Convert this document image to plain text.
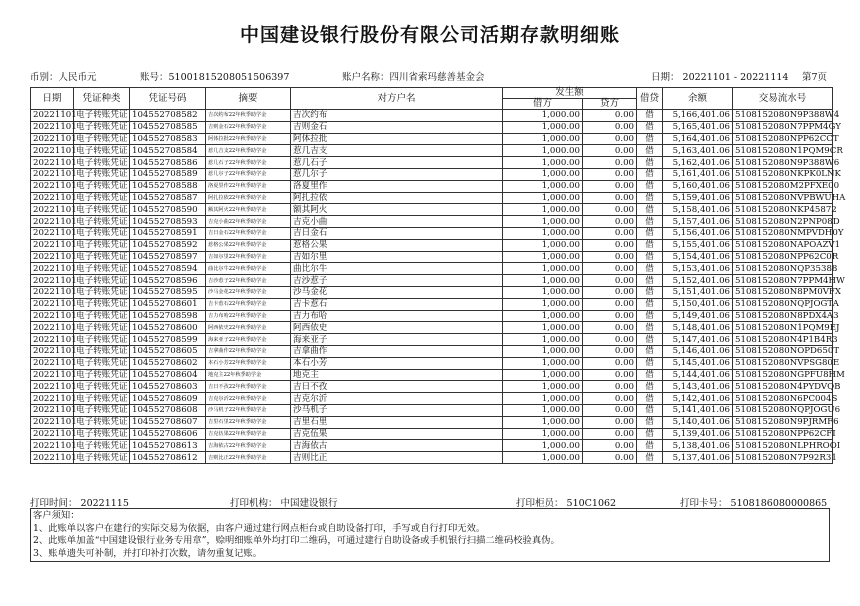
中国建设银行股份有限公司活期存款明细账
币别：人民币元	账号：51001815208051506397	账户名称：四川省索玛慈善基金会	日期： 20221101 - 20221114 第7页
日期	凭证种类	凭证号码	摘要	对方户名	发生额		借贷	余额	交易流水号
					借方	贷方			
20221101	电子转账凭证	104552708582	吉次约布22年秋季助学金	吉次约布	1,000.00	0.00	借	5,166,401.06	5108152080N9P388W4
20221101	电子转账凭证	104552708585	吉则金石22年秋季助学金	吉则金石	1,000.00	0.00	借	5,165,401.06	5108152080N7PPM4GY
20221101	电子转账凭证	104552708583	阿体拉批22年秋季助学金	阿体拉批	1,000.00	0.00	借	5,164,401.06	5108152080NPP62CCT
20221101	电子转账凭证	104552708584	惹几吉支22年秋季助学金	惹几吉支	1,000.00	0.00	借	5,163,401.06	5108152080N1PQM9CR
20221101	电子转账凭证	104552708586	惹几石子22年秋季助学金	惹几石子	1,000.00	0.00	借	5,162,401.06	5108152080N9P388W6
20221101	电子转账凭证	104552708589	惹几尔子22年秋季助学金	惹几尔子	1,000.00	0.00	借	5,161,401.06	5108152080NKPK0LNK
20221101	电子转账凭证	104552708588	洛夏里作22年秋季助学金	洛夏里作	1,000.00	0.00	借	5,160,401.06	5108152080M2PFXE00
20221101	电子转账凭证	104552708587	阿扎拉依22年秋季助学金	阿扎拉依	1,000.00	0.00	借	5,159,401.06	5108152080NVPBWUHA
20221101	电子转账凭证	104552708590	额其阿火22年秋季助学金	额其阿火	1,000.00	0.00	借	5,158,401.06	5108152080NKP45872
20221101	电子转账凭证	104552708593	吉克小曲22年秋季助学金	吉克小曲	1,000.00	0.00	借	5,157,401.06	5108152080N2PNP08D
20221101	电子转账凭证	104552708591	吉日金石22年秋季助学金	吉日金石	1,000.00	0.00	借	5,156,401.06	5108152080NMPVDH0Y
20221101	电子转账凭证	104552708592	惹格公果22年秋季助学金	惹格公果	1,000.00	0.00	借	5,155,401.06	5108152080NAPOAZV1
20221101	电子转账凭证	104552708597	吉如尔里22年秋季助学金	吉如尔里	1,000.00	0.00	借	5,154,401.06	5108152080NPP62C0R
20221101	电子转账凭证	104552708594	曲比尔牛22年秋季助学金	曲比尔牛	1,000.00	0.00	借	5,153,401.06	5108152080NQP35388
20221101	电子转账凭证	104552708596	吉沙惹子22年秋季助学金	吉沙惹子	1,000.00	0.00	借	5,152,401.06	5108152080N7PPM4HW
20221101	电子转账凭证	104552708595	沙马金花22年秋季助学金	沙马金花	1,000.00	0.00	借	5,151,401.06	5108152080N8PM0VFX
20221101	电子转账凭证	104552708601	吉卡惹石22年秋季助学金	吉卡惹石	1,000.00	0.00	借	5,150,401.06	5108152080NQPJOGTA
20221101	电子转账凭证	104552708598	吉力布哈22年秋季助学金	吉力布哈	1,000.00	0.00	借	5,149,401.06	5108152080N8PDX4A3
20221101	电子转账凭证	104552708600	阿西依史22年秋季助学金	阿西依史	1,000.00	0.00	借	5,148,401.06	5108152080N1PQM9EJ
20221101	电子转账凭证	104552708599	海来亚子22年秋季助学金	海来亚子	1,000.00	0.00	借	5,147,401.06	5108152080N4P1B4R3
20221101	电子转账凭证	104552708605	吉拿曲作22年秋季助学金	吉拿曲作	1,000.00	0.00	借	5,146,401.06	5108152080NOPD650T
20221101	电子转账凭证	104552708602	本石小芳22年秋季助学金	本石小芳	1,000.00	0.00	借	5,145,401.06	5108152080NVPSG80E
20221101	电子转账凭证	104552708604	地克主22年秋季助学金	地克主	1,000.00	0.00	借	5,144,401.06	5108152080NGPFU8HM
20221101	电子转账凭证	104552708603	吉日不孜22年秋季助学金	吉日不孜	1,000.00	0.00	借	5,143,401.06	5108152080N4PYDVQB
20221101	电子转账凭证	104552708609	吉克尔沂22年秋季助学金	吉克尔沂	1,000.00	0.00	借	5,142,401.06	5108152080N6PC004S
20221101	电子转账凭证	104552708608	沙马机子22年秋季助学金	沙马机子	1,000.00	0.00	借	5,141,401.06	5108152080NQPJOGU6
20221101	电子转账凭证	104552708607	吉里石里22年秋季助学金	吉里石里	1,000.00	0.00	借	5,140,401.06	5108152080N9PJRMF6
20221101	电子转账凭证	104552708606	吉克伍果22年秋季助学金	吉克伍果	1,000.00	0.00	借	5,139,401.06	5108152080NPP62CFI
20221101	电子转账凭证	104552708613	吉海依古22年秋季助学金	吉海依古	1,000.00	0.00	借	5,138,401.06	5108152080NLPHROOI
20221101	电子转账凭证	104552708612	吉则比正22年秋季助学金	吉则比正	1,000.00	0.00	借	5,137,401.06	5108152080N7P92R31
打印时间： 20221115	打印机构： 中国建设银行	打印柜员： 510C1062	打印卡号： 5108186080000865
客户须知：
1、此账单以客户在建行的实际交易为依据，由客户通过建行网点柜台或自助设备打印，手写或自行打印无效。
2、此账单加盖“中国建设银行业务专用章”，赊明细账单外均打印二维码，可通过建行自助设备或手机银行扫描二维码校验真伪。
3、账单遗失可补制，并打印补打次数，请勿重复记账。
